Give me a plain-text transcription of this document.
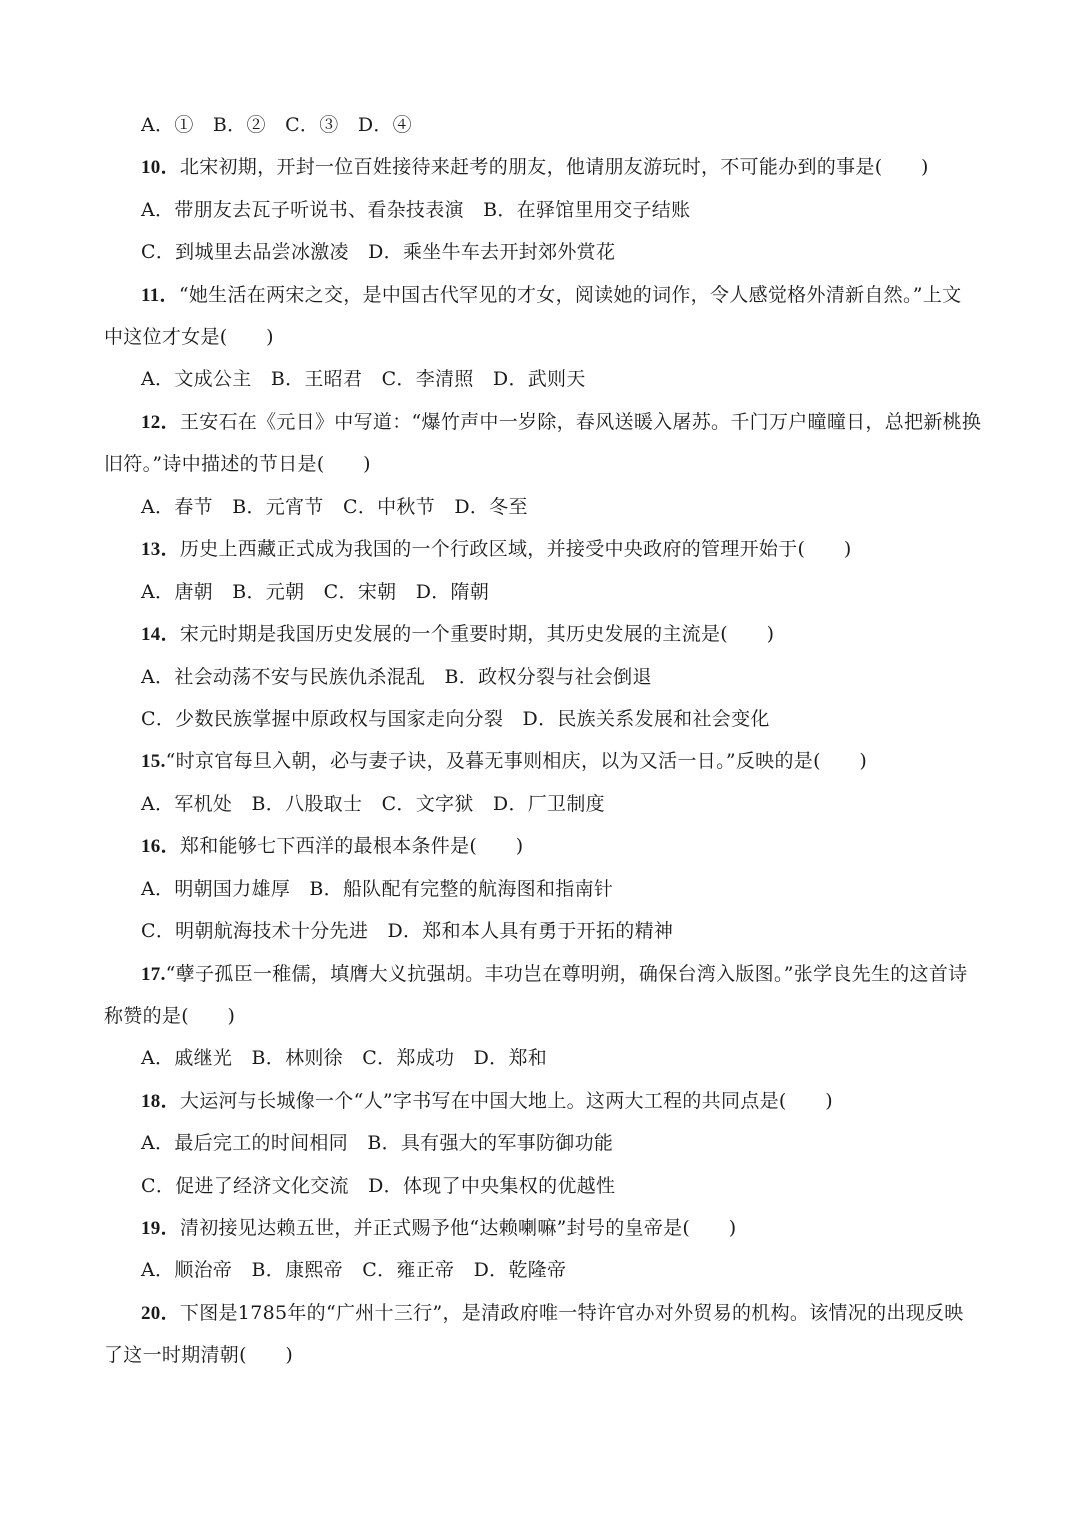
A．①　B．②　C．③　D．④
10．北宋初期，开封一位百姓接待来赶考的朋友，他请朋友游玩时，不可能办到的事是(　　)
A．带朋友去瓦子听说书、看杂技表演　B．在驿馆里用交子结账
C．到城里去品尝冰激凌　D．乘坐牛车去开封郊外赏花
11．“她生活在两宋之交，是中国古代罕见的才女，阅读她的词作，令人感觉格外清新自然。”上文
中这位才女是(　　)
A．文成公主　B．王昭君　C．李清照　D．武则天
12．王安石在《元日》中写道：“爆竹声中一岁除，春风送暖入屠苏。千门万户曈曈日，总把新桃换
旧符。”诗中描述的节日是(　　)
A．春节　B．元宵节　C．中秋节　D．冬至
13．历史上西藏正式成为我国的一个行政区域，并接受中央政府的管理开始于(　　)
A．唐朝　B．元朝　C．宋朝　D．隋朝
14．宋元时期是我国历史发展的一个重要时期，其历史发展的主流是(　　)
A．社会动荡不安与民族仇杀混乱　B．政权分裂与社会倒退
C．少数民族掌握中原政权与国家走向分裂　D．民族关系发展和社会变化
15.“时京官每旦入朝，必与妻子诀，及暮无事则相庆，以为又活一日。”反映的是(　　)
A．军机处　B．八股取士　C．文字狱　D．厂卫制度
16．郑和能够七下西洋的最根本条件是(　　)
A．明朝国力雄厚　B．船队配有完整的航海图和指南针
C．明朝航海技术十分先进　D．郑和本人具有勇于开拓的精神
17.“孽子孤臣一稚儒，填膺大义抗强胡。丰功岂在尊明朔，确保台湾入版图。”张学良先生的这首诗
称赞的是(　　)
A．戚继光　B．林则徐　C．郑成功　D．郑和
18．大运河与长城像一个“人”字书写在中国大地上。这两大工程的共同点是(　　)
A．最后完工的时间相同　B．具有强大的军事防御功能
C．促进了经济文化交流　D．体现了中央集权的优越性
19．清初接见达赖五世，并正式赐予他“达赖喇嘛”封号的皇帝是(　　)
A．顺治帝　B．康熙帝　C．雍正帝　D．乾隆帝
20．下图是1785年的“广州十三行”，是清政府唯一特许官办对外贸易的机构。该情况的出现反映
了这一时期清朝(　　)
